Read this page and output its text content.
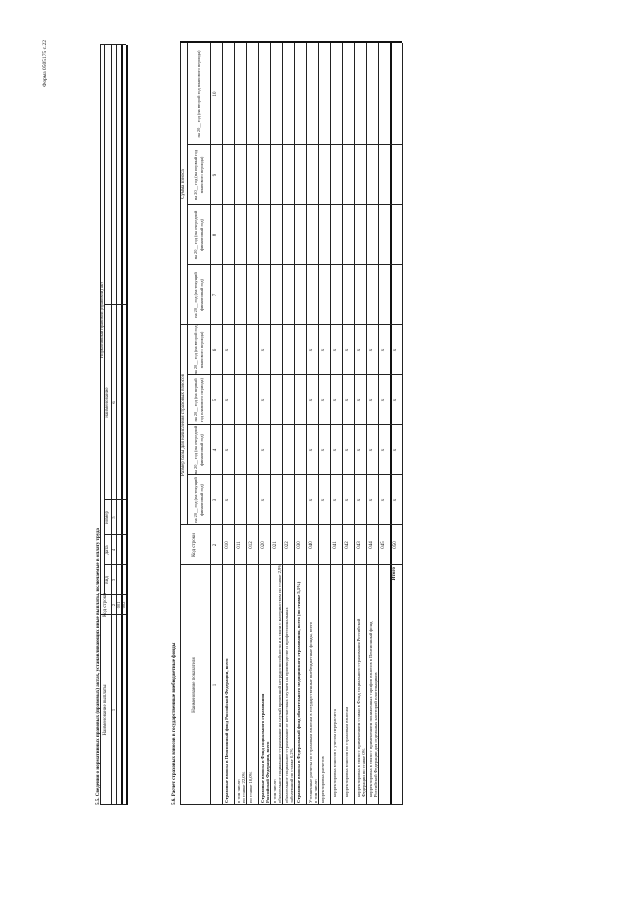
Форма 0505175 с.22
5.5. Сведения о нормативных правовых (правовых) актах, устанавливающих иные выплаты, включаемые в оплату труда Наименование выплаты
Код строки
Нормативный правовой (правовой) акт
вид
дата
номер
наименование
1
2
3
4
5
6
001 002
5.6. Расчет страховых взносов в государственные внебюджетные фонды	Наименование показателя
Код строки
Размер базы для начисления страховых взносов
Сумма взноса
на 20__ год (на текущий финансовый год)
на 20__ год (на очередной финансовый год)
на 20__ год (на первый год планового периода)
на 20__ год (на второй год планового периода)
на 20__ год (на текущий финансовый год)
на 20__ год (на очередной финансовый год)
на 20__ год (на первый год планового периода)
на 20__ год (на второй год планового периода)
1
2
3
4
5
6
7
8
9
10
Страховые взносы в Пенсионный фонд Российской Федерации, всего
010
x
x
x
x
в том числе: по ставке 22,0%
011
по ставке 10,0%
012
Страховые взносы в Фонд социального страхования Российской Федерации, всего
020
x
x
x
x
в том числе: обязательное социальное страхование на случай временной нетрудоспособности и в связи с материнством по ставке 2,9%
021
обязательное социальное страхование от несчастных случаев на производстве и профессиональных заболеваний по ставке 0,2%
022
Страховые взносы в Федеральный фонд обязательного медицинского страхования, всего (по ставке 5,1%)
030
Уточненные расчеты по страховым взносам в государственные внебюджетные фонды, всего в том числе:
040
x
x
x
x
корректировка расчетов
x
x
x
x
корректировка взносов с учетом перерасчета
041
x
x
x
x
корректировка взносов по страховым взносам
042
x
x
x
x
корректировка в связи с применением ставки в Фонд социального страхования Российской Федерации по ставке 0%
043
x
x
x
x
корректировка в связи с применением пониженных тарифов взносов в Пенсионный фонд Российской Федерации для отдельных категорий плательщиков
044
x
x
x
x
045
x
x
x
x
Итого
050
x
x
x
x
